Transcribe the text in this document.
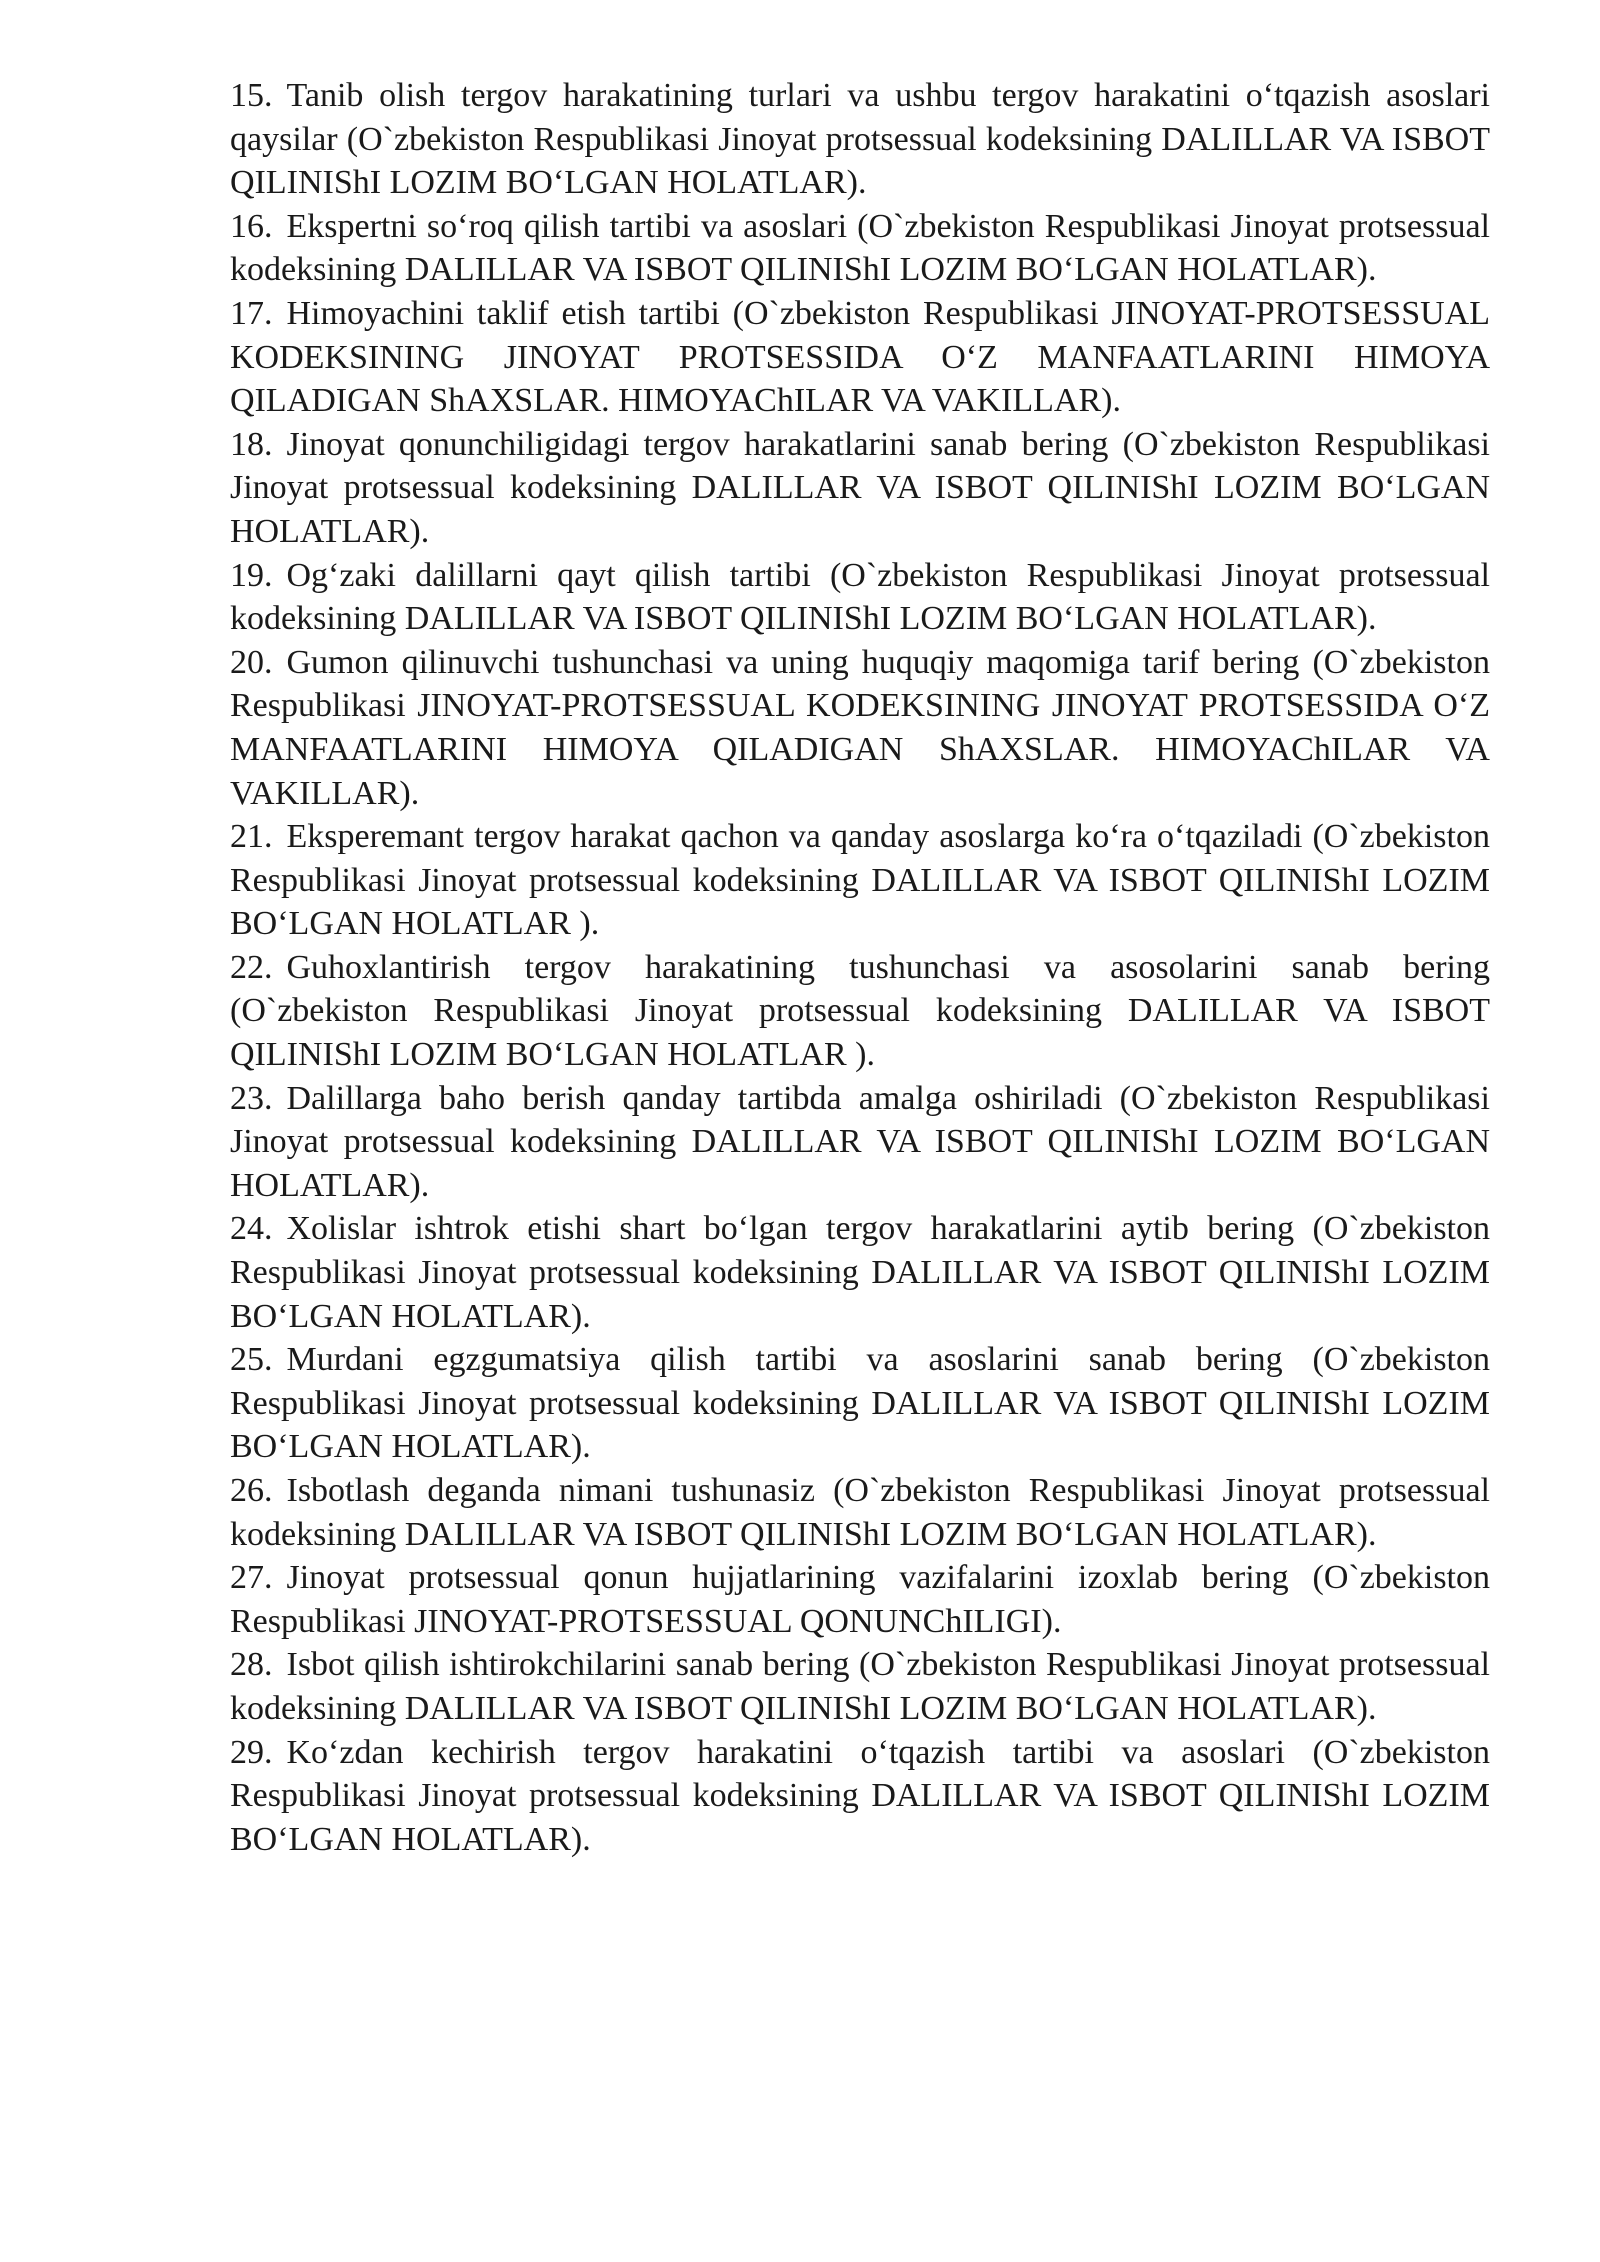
15. Tanib olish tergov harakatining turlari va ushbu tergov harakatini o‘tqazish asoslari qaysilar (O`zbekiston Respublikasi Jinoyat protsessual kodeksining DALILLAR VA ISBOT QILINIShI LOZIM BO‘LGAN HOLATLAR).

16. Ekspertni so‘roq qilish tartibi va asoslari (O`zbekiston Respublikasi Jinoyat protsessual kodeksining DALILLAR VA ISBOT QILINIShI LOZIM BO‘LGAN HOLATLAR).

17. Himoyachini taklif etish tartibi (O`zbekiston Respublikasi JINOYAT-PROTSESSUAL KODEKSINING JINOYAT PROTSESSIDA O‘Z MANFAATLARINI HIMOYA QILADIGAN ShAXSLAR. HIMOYAChILAR VA VAKILLAR).

18. Jinoyat qonunchiligidagi tergov harakatlarini sanab bering (O`zbekiston Respublikasi Jinoyat protsessual kodeksining DALILLAR VA ISBOT QILINIShI LOZIM BO‘LGAN HOLATLAR).

19. Og‘zaki dalillarni qayt qilish tartibi (O`zbekiston Respublikasi Jinoyat protsessual kodeksining DALILLAR VA ISBOT QILINIShI LOZIM BO‘LGAN HOLATLAR).

20. Gumon qilinuvchi tushunchasi va uning huquqiy maqomiga tarif bering (O`zbekiston Respublikasi JINOYAT-PROTSESSUAL KODEKSINING JINOYAT PROTSESSIDA O‘Z MANFAATLARINI HIMOYA QILADIGAN ShAXSLAR. HIMOYAChILAR VA VAKILLAR).

21. Eksperemant tergov harakat qachon va qanday asoslarga ko‘ra o‘tqaziladi (O`zbekiston Respublikasi Jinoyat protsessual kodeksining DALILLAR VA ISBOT QILINIShI LOZIM BO‘LGAN HOLATLAR ).

22. Guhoxlantirish tergov harakatining tushunchasi va asosolarini sanab bering (O`zbekiston Respublikasi Jinoyat protsessual kodeksining DALILLAR VA ISBOT QILINIShI LOZIM BO‘LGAN HOLATLAR ).

23. Dalillarga baho berish qanday tartibda amalga oshiriladi (O`zbekiston Respublikasi Jinoyat protsessual kodeksining DALILLAR VA ISBOT QILINIShI LOZIM BO‘LGAN HOLATLAR).

24. Xolislar ishtrok etishi shart bo‘lgan tergov harakatlarini aytib bering (O`zbekiston Respublikasi Jinoyat protsessual kodeksining DALILLAR VA ISBOT QILINIShI LOZIM BO‘LGAN HOLATLAR).

25. Murdani egzgumatsiya qilish tartibi va asoslarini sanab bering (O`zbekiston Respublikasi Jinoyat protsessual kodeksining DALILLAR VA ISBOT QILINIShI LOZIM BO‘LGAN HOLATLAR).

26. Isbotlash deganda nimani tushunasiz (O`zbekiston Respublikasi Jinoyat protsessual kodeksining DALILLAR VA ISBOT QILINIShI LOZIM BO‘LGAN HOLATLAR).

27. Jinoyat protsessual qonun hujjatlarining vazifalarini izoxlab bering (O`zbekiston Respublikasi JINOYAT-PROTSESSUAL QONUNChILIGI).

28. Isbot qilish ishtirokchilarini sanab bering (O`zbekiston Respublikasi Jinoyat protsessual kodeksining DALILLAR VA ISBOT QILINIShI LOZIM BO‘LGAN HOLATLAR).

29. Ko‘zdan kechirish tergov harakatini o‘tqazish tartibi va asoslari (O`zbekiston Respublikasi Jinoyat protsessual kodeksining DALILLAR VA ISBOT QILINIShI LOZIM BO‘LGAN HOLATLAR).
